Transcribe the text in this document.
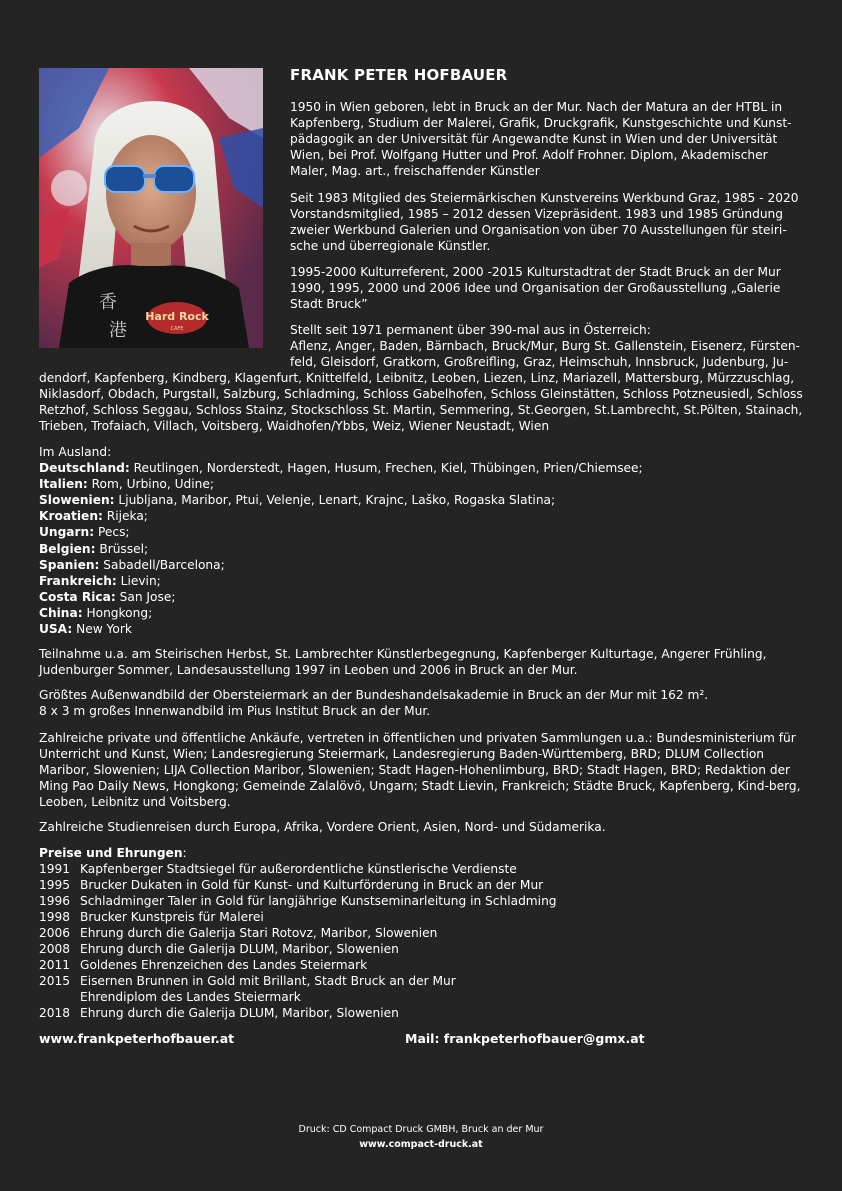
Hard Rock
CAFE
香
港
FRANK PETER HOFBAUER

1950 in Wien geboren, lebt in Bruck an der Mur. Nach der Matura an der HTBL in Kapfenberg, Studium der Malerei, Grafik, Druckgrafik, Kunstgeschichte und Kunst-pädagogik an der Universität für Angewandte Kunst in Wien und der Universität Wien, bei Prof. Wolfgang Hutter und Prof. Adolf Frohner. Diplom, Akademischer Maler, Mag. art., freischaffender Künstler

Seit 1983 Mitglied des Steiermärkischen Kunstvereins Werkbund Graz, 1985 - 2020 Vorstandsmitglied, 1985 – 2012 dessen Vizepräsident. 1983 und 1985 Gründung zweier Werkbund Galerien und Organisation von über 70 Ausstellungen für steiri-sche und überregionale Künstler.

1995-2000 Kulturreferent, 2000 -2015 Kulturstadtrat der Stadt Bruck an der Mur 1990, 1995, 2000 und 2006 Idee und Organisation der Großausstellung „Galerie Stadt Bruck”

Stellt seit 1971 permanent über 390-mal aus in Österreich:

Aflenz, Anger, Baden, Bärnbach, Bruck/Mur, Burg St. Gallenstein, Eisenerz, Fürsten-feld, Gleisdorf, Gratkorn, Großreifling, Graz, Heimschuh, Innsbruck, Judenburg, Ju-

dendorf, Kapfenberg, Kindberg, Klagenfurt, Knittelfeld, Leibnitz, Leoben, Liezen, Linz, Mariazell, Mattersburg, Mürzzuschlag, Niklasdorf, Obdach, Purgstall, Salzburg, Schladming, Schloss Gabelhofen, Schloss Gleinstätten, Schloss Potzneusiedl, Schloss Retzhof, Schloss Seggau, Schloss Stainz, Stockschloss St. Martin, Semmering, St.Georgen, St.Lambrecht, St.Pölten, Stainach, Trieben, Trofaiach, Villach, Voitsberg, Waidhofen/Ybbs, Weiz, Wiener Neustadt, Wien

Im Ausland:
Deutschland: Reutlingen, Norderstedt, Hagen, Husum, Frechen, Kiel, Thübingen, Prien/Chiemsee;
Italien: Rom, Urbino, Udine;
Slowenien: Ljubljana, Maribor, Ptui, Velenje, Lenart, Krajnc, Laško, Rogaska Slatina;
Kroatien: Rijeka;
Ungarn: Pecs;
Belgien: Brüssel;
Spanien: Sabadell/Barcelona;
Frankreich: Lievin;
Costa Rica: San Jose;
China: Hongkong;
USA: New York

Teilnahme u.a. am Steirischen Herbst, St. Lambrechter Künstlerbegegnung, Kapfenberger Kulturtage, Angerer Frühling, Judenburger Sommer, Landesausstellung 1997 in Leoben und 2006 in Bruck an der Mur.

Größtes Außenwandbild der Obersteiermark an der Bundeshandelsakademie in Bruck an der Mur mit 162 m².
8 x 3 m großes Innenwandbild im Pius Institut Bruck an der Mur.

Zahlreiche private und öffentliche Ankäufe, vertreten in öffentlichen und privaten Sammlungen u.a.: Bundesministerium für Unterricht und Kunst, Wien; Landesregierung Steiermark, Landesregierung Baden-Württemberg, BRD; DLUM Collection Maribor, Slowenien; LIJA Collection Maribor, Slowenien; Stadt Hagen-Hohenlimburg, BRD; Stadt Hagen, BRD; Redaktion der Ming Pao Daily News, Hongkong; Gemeinde Zalalövö, Ungarn; Stadt Lievin, Frankreich; Städte Bruck, Kapfenberg, Kind-berg, Leoben, Leibnitz und Voitsberg.

Zahlreiche Studienreisen durch Europa, Afrika, Vordere Orient, Asien, Nord- und Südamerika.

Preise und Ehrungen:
1991 Kapfenberger Stadtsiegel für außerordentliche künstlerische Verdienste
1995 Brucker Dukaten in Gold für Kunst- und Kulturförderung in Bruck an der Mur
1996 Schladminger Taler in Gold für langjährige Kunstseminarleitung in Schladming
1998 Brucker Kunstpreis für Malerei
2006 Ehrung durch die Galerija Stari Rotovz, Maribor, Slowenien
2008 Ehrung durch die Galerija DLUM, Maribor, Slowenien
2011 Goldenes Ehrenzeichen des Landes Steiermark
2015 Eisernen Brunnen in Gold mit Brillant, Stadt Bruck an der Mur
Ehrendiplom des Landes Steiermark
2018 Ehrung durch die Galerija DLUM, Maribor, Slowenien
www.frankpeterhofbauer.at	Mail: frankpeterhofbauer@gmx.at
Druck: CD Compact Druck GMBH, Bruck an der Mur
www.compact-druck.at
